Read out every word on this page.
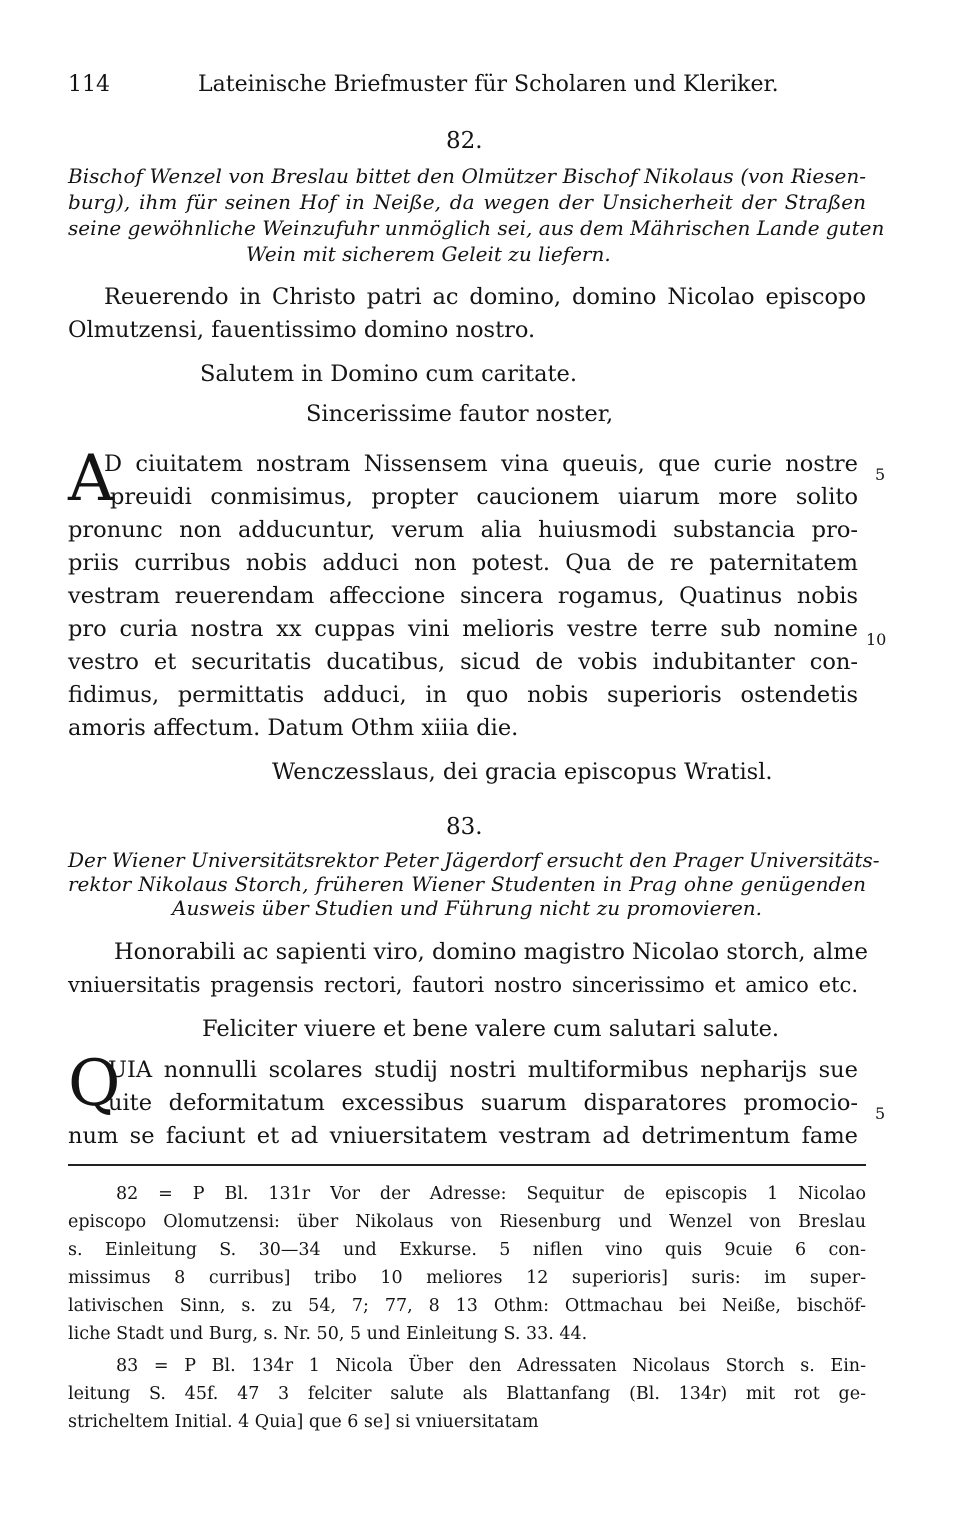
114	Lateinische Briefmuster für Scholaren und Kleriker.
82.
Bischof Wenzel von Breslau bittet den Olmützer Bischof Nikolaus (von Riesen-
burg), ihm für seinen Hof in Neiße, da wegen der Unsicherheit der Straßen
seine gewöhnliche Weinzufuhr unmöglich sei, aus dem Mährischen Lande guten
Wein mit sicherem Geleit zu liefern.
Reuerendo in Christo patri ac domino, domino Nicolao episcopo
Olmutzensi, fauentissimo domino nostro.
Salutem in Domino cum caritate.
Sincerissime fautor noster,
A
D ciuitatem nostram Nissensem vina queuis, que curie nostre
preuidi conmisimus, propter caucionem uiarum more solito
pronunc non adducuntur, verum alia huiusmodi substancia pro-
priis curribus nobis adduci non potest. Qua de re paternitatem
vestram reuerendam affeccione sincera rogamus, Quatinus nobis
pro curia nostra xx cuppas vini melioris vestre terre sub nomine
vestro et securitatis ducatibus, sicud de vobis indubitanter con-
fidimus, permittatis adduci, in quo nobis superioris ostendetis
amoris affectum. Datum Othm xiiia die.
5
10
Wenczesslaus, dei gracia episcopus Wratisl.
83.
Der Wiener Universitätsrektor Peter Jägerdorf ersucht den Prager Universitäts-
rektor Nikolaus Storch, früheren Wiener Studenten in Prag ohne genügenden
Ausweis über Studien und Führung nicht zu promovieren.
Honorabili ac sapienti viro, domino magistro Nicolao storch, alme
vniuersitatis pragensis rectori, fautori nostro sincerissimo et amico etc.
Feliciter viuere et bene valere cum salutari salute.
Q
UIA nonnulli scolares studij nostri multiformibus nepharijs sue
uite deformitatum excessibus suarum disparatores promocio-
num se faciunt et ad vniuersitatem vestram ad detrimentum fame
5
82 = P Bl. 131r Vor der Adresse: Sequitur de episcopis 1 Nicolao
episcopo Olomutzensi: über Nikolaus von Riesenburg und Wenzel von Breslau
s. Einleitung S. 30—34 und Exkurse. 5 niflen vino quis 9cuie 6 con-
missimus 8 curribus] tribo 10 meliores 12 superioris] suris: im super-
lativischen Sinn, s. zu 54, 7; 77, 8 13 Othm: Ottmachau bei Neiße, bischöf-
liche Stadt und Burg, s. Nr. 50, 5 und Einleitung S. 33. 44.
83 = P Bl. 134r 1 Nicola Über den Adressaten Nicolaus Storch s. Ein-
leitung S. 45f. 47 3 felciter salute als Blattanfang (Bl. 134r) mit rot ge-
stricheltem Initial. 4 Quia] que 6 se] si vniuersitatam
